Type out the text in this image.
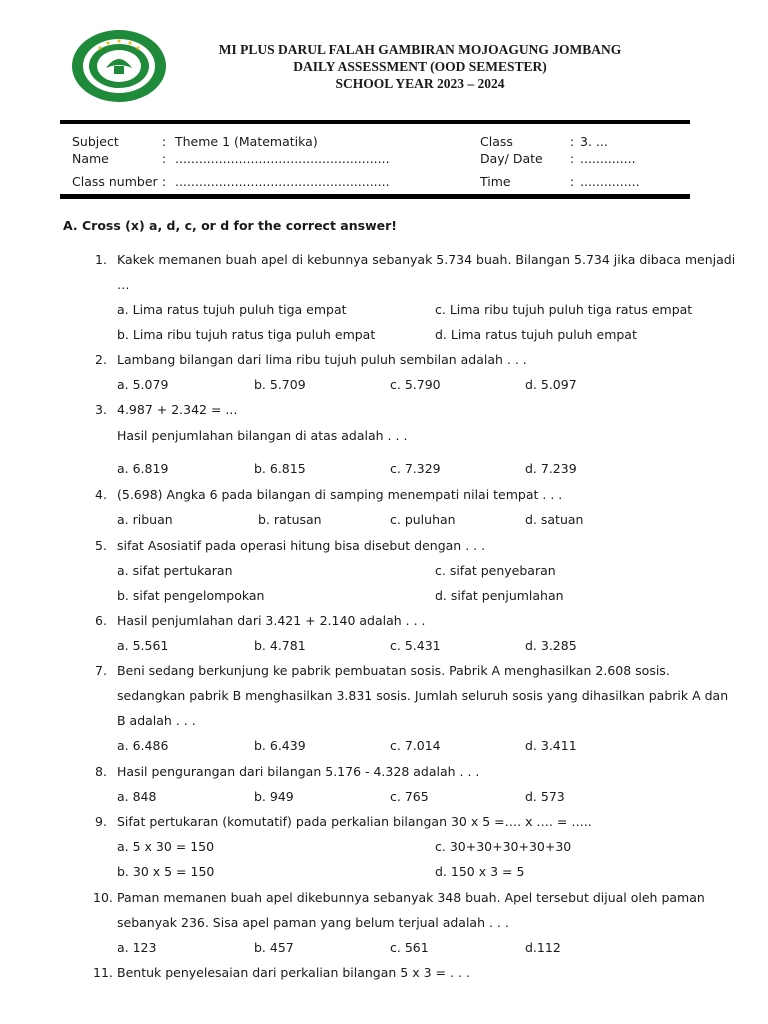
MI PLUS DARUL FALAH GAMBIRAN MOJOAGUNG JOMBANG
DAILY ASSESSMENT (OOD SEMESTER)
SCHOOL YEAR 2023 – 2024
Subject	: Theme 1 (Matematika)
Name	: ......................................................
Class number : ......................................................
Class	: 3. ...
Day/ Date : ..............
Time	: ...............
A. Cross (x) a, d, c, or d for the correct answer!
1. Kakek memanen buah apel di kebunnya sebanyak 5.734 buah. Bilangan 5.734 jika dibaca menjadi
…
a. Lima ratus tujuh puluh tiga empat	c. Lima ribu tujuh puluh tiga ratus empat
b. Lima ribu tujuh ratus tiga puluh empat	d. Lima ratus tujuh puluh empat
2. Lambang bilangan dari lima ribu tujuh puluh sembilan adalah . . .
a. 5.079	b. 5.709	c. 5.790	d. 5.097
3. 4.987 + 2.342 = ...
Hasil penjumlahan bilangan di atas adalah . . .
a. 6.819	b. 6.815	c. 7.329	d. 7.239
4. (5.698) Angka 6 pada bilangan di samping menempati nilai tempat . . .
a. ribuan	b. ratusan	c. puluhan	d. satuan
5. sifat Asosiatif pada operasi hitung bisa disebut dengan . . .
a. sifat pertukaran	c. sifat penyebaran
b. sifat pengelompokan	d. sifat penjumlahan
6. Hasil penjumlahan dari 3.421 + 2.140 adalah . . .
a. 5.561	b. 4.781	c. 5.431	d. 3.285
7. Beni sedang berkunjung ke pabrik pembuatan sosis. Pabrik A menghasilkan 2.608 sosis.
sedangkan pabrik B menghasilkan 3.831 sosis. Jumlah seluruh sosis yang dihasilkan pabrik A dan
B adalah . . .
a. 6.486	b. 6.439	c. 7.014	d. 3.411
8. Hasil pengurangan dari bilangan 5.176 - 4.328 adalah . . .
a. 848	b. 949	c. 765	d. 573
9. Sifat pertukaran (komutatif) pada perkalian bilangan 30 x 5 =…. x …. = …..
a. 5 x 30 = 150	c. 30+30+30+30+30
b. 30 x 5 = 150	d. 150 x 3 = 5
10. Paman memanen buah apel dikebunnya sebanyak 348 buah. Apel tersebut dijual oleh paman
sebanyak 236. Sisa apel paman yang belum terjual adalah . . .
a. 123	b. 457	c. 561	d.112
11. Bentuk penyelesaian dari perkalian bilangan 5 x 3 = . . .
